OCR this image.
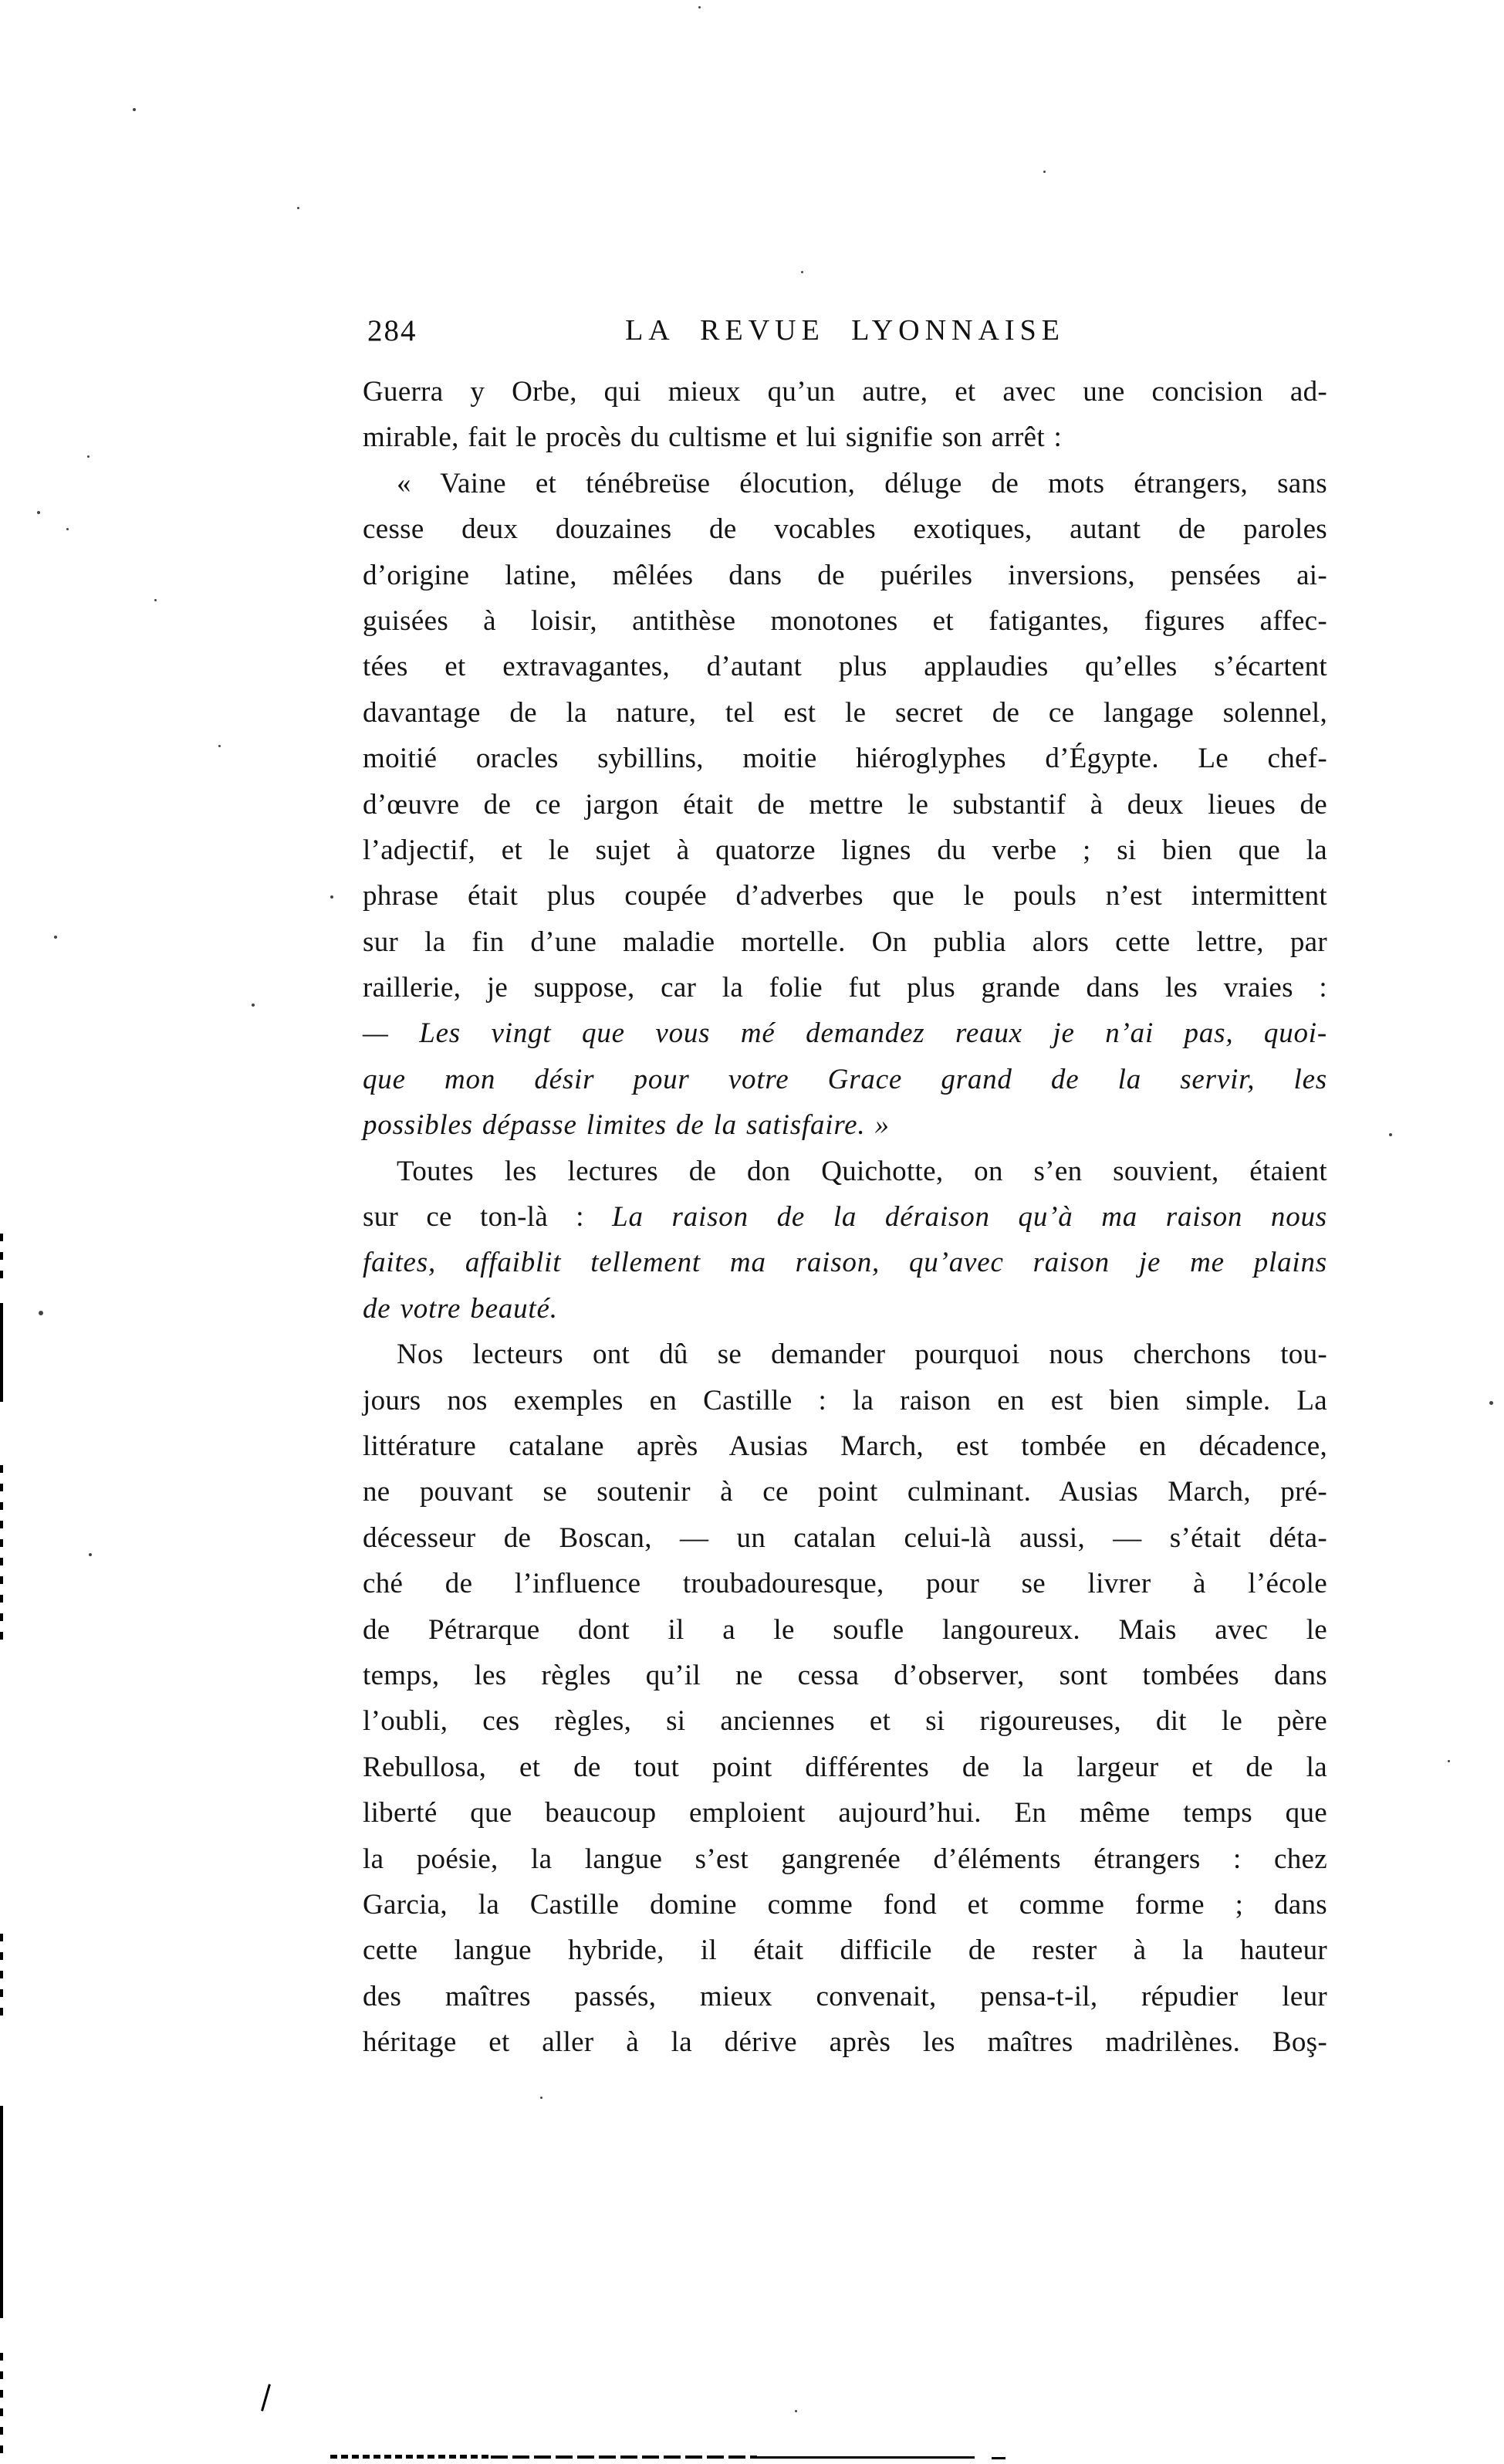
284	LA REVUE LYONNAISE
Guerra y Orbe, qui mieux qu’un autre, et avec une concision ad-
mirable, fait le procès du cultisme et lui signifie son arrêt :
« Vaine et ténébreüse élocution, déluge de mots étrangers, sans
cesse deux douzaines de vocables exotiques, autant de paroles
d’origine latine, mêlées dans de puériles inversions, pensées ai-
guisées à loisir, antithèse monotones et fatigantes, figures affec-
tées et extravagantes, d’autant plus applaudies qu’elles s’écartent
davantage de la nature, tel est le secret de ce langage solennel,
moitié oracles sybillins, moitie hiéroglyphes d’Égypte. Le chef-
d’œuvre de ce jargon était de mettre le substantif à deux lieues de
l’adjectif, et le sujet à quatorze lignes du verbe ; si bien que la
phrase était plus coupée d’adverbes que le pouls n’est intermittent
sur la fin d’une maladie mortelle. On publia alors cette lettre, par
raillerie, je suppose, car la folie fut plus grande dans les vraies :
— Les vingt que vous mé demandez reaux je n’ai pas, quoi-
que mon désir pour votre Grace grand de la servir, les
possibles dépasse limites de la satisfaire. »
Toutes les lectures de don Quichotte, on s’en souvient, étaient
sur ce ton-là : La raison de la déraison qu’à ma raison nous
faites, affaiblit tellement ma raison, qu’avec raison je me plains
de votre beauté.
Nos lecteurs ont dû se demander pourquoi nous cherchons tou-
jours nos exemples en Castille : la raison en est bien simple. La
littérature catalane après Ausias March, est tombée en décadence,
ne pouvant se soutenir à ce point culminant. Ausias March, pré-
décesseur de Boscan, — un catalan celui-là aussi, — s’était déta-
ché de l’influence troubadouresque, pour se livrer à l’école
de Pétrarque dont il a le soufle langoureux. Mais avec le
temps, les règles qu’il ne cessa d’observer, sont tombées dans
l’oubli, ces règles, si anciennes et si rigoureuses, dit le père
Rebullosa, et de tout point différentes de la largeur et de la
liberté que beaucoup emploient aujourd’hui. En même temps que
la poésie, la langue s’est gangrenée d’éléments étrangers : chez
Garcia, la Castille domine comme fond et comme forme ; dans
cette langue hybride, il était difficile de rester à la hauteur
des maîtres passés, mieux convenait, pensa-t-il, répudier leur
héritage et aller à la dérive après les maîtres madrilènes. Boş-
